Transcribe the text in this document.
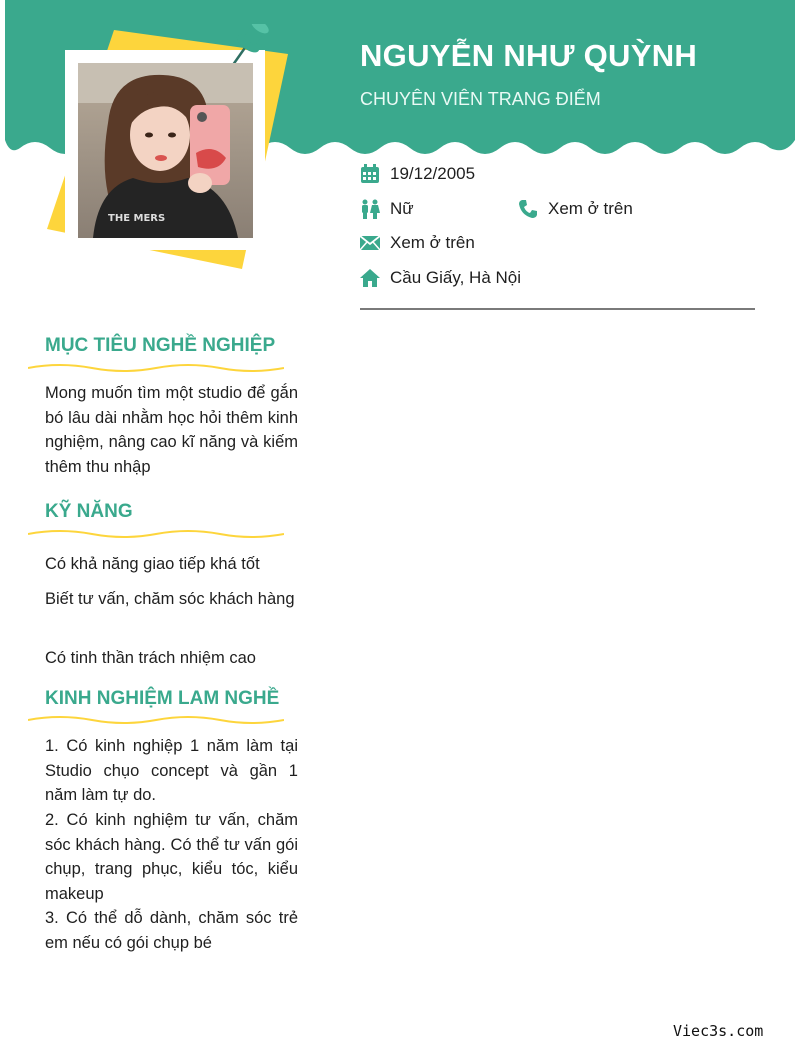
THE MERS
NGUYỄN NHƯ QUỲNH
CHUYÊN VIÊN TRANG ĐIỂM
19/12/2005
Nữ	Xem ở trên
Xem ở trên
Cầu Giấy, Hà Nội
MỤC TIÊU NGHỀ NGHIỆP

Mong muốn tìm một studio để gắn bó lâu dài nhằm học hỏi thêm kinh nghiệm, nâng cao kĩ năng và kiếm thêm thu nhập

KỸ NĂNG

Có khả năng giao tiếp khá tốt

Biết tư vấn, chăm sóc khách hàng

Có tinh thần trách nhiệm cao

KINH NGHIỆM LAM NGHỀ

1. Có kinh nghiệp 1 năm làm tại Studio chụo concept và gần 1 năm làm tự do.

2. Có kinh nghiệm tư vấn, chăm sóc khách hàng. Có thể tư vấn gói chụp, trang phục, kiểu tóc, kiểu makeup

3. Có thể dỗ dành, chăm sóc trẻ em nếu có gói chụp bé

Viec3s.com
